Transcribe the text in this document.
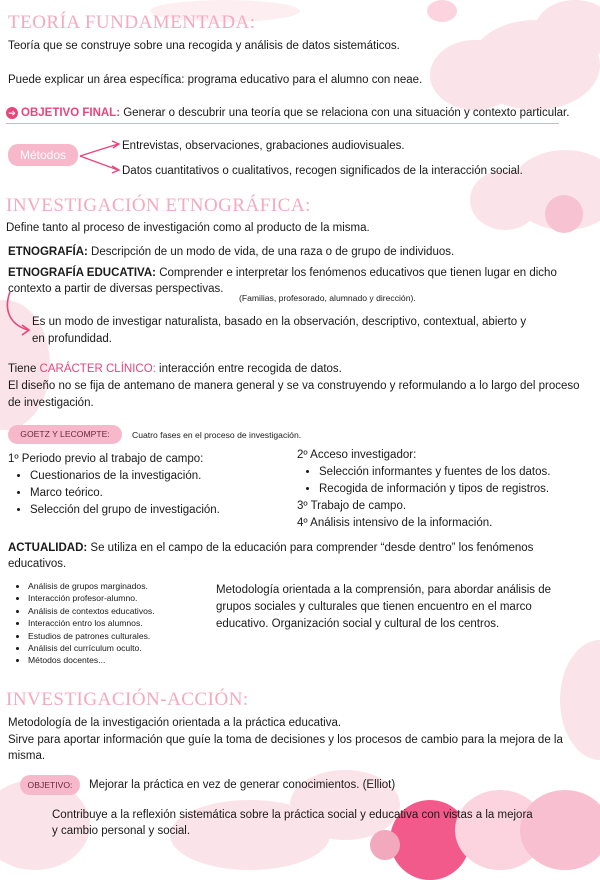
TEORÍA FUNDAMENTADA:
Teoría que se construye sobre una recogida y análisis de datos sistemáticos.
Puede explicar un área específica: programa educativo para el alumno con neae.
➔ OBJETIVO FINAL: Generar o descubrir una teoría que se relaciona con una situación y contexto particular.
Métodos
Entrevistas, observaciones, grabaciones audiovisuales.
Datos cuantitativos o cualitativos, recogen significados de la interacción social.
INVESTIGACIÓN ETNOGRÁFICA:
Define tanto al proceso de investigación como al producto de la misma.
ETNOGRAFÍA: Descripción de un modo de vida, de una raza o de grupo de individuos.
ETNOGRAFÍA EDUCATIVA: Comprender e interpretar los fenómenos educativos que tienen lugar en dicho
contexto a partir de diversas perspectivas.
(Familias, profesorado, alumnado y dirección).
Es un modo de investigar naturalista, basado en la observación, descriptivo, contextual, abierto y
en profundidad.
Tiene CARÁCTER CLÍNICO: interacción entre recogida de datos.
El diseño no se fija de antemano de manera general y se va construyendo y reformulando a lo largo del proceso
de investigación.
GOETZ Y LECOMPTE:	Cuatro fases en el proceso de investigación.
1º Periodo previo al trabajo de campo:
• Cuestionarios de la investigación.
• Marco teórico.
• Selección del grupo de investigación.
2º Acceso investigador:
• Selección informantes y fuentes de los datos.
• Recogida de información y tipos de registros.
3º Trabajo de campo.
4º Análisis intensivo de la información.
ACTUALIDAD: Se utiliza en el campo de la educación para comprender “desde dentro” los fenómenos
educativos.
• Análisis de grupos marginados.
• Interacción profesor-alumno.
• Análisis de contextos educativos.
• Interacción entro los alumnos.
• Estudios de patrones culturales.
• Análisis del currículum oculto.
• Métodos docentes...
Metodología orientada a la comprensión, para abordar análisis de
grupos sociales y culturales que tienen encuentro en el marco
educativo. Organización social y cultural de los centros.
INVESTIGACIÓN-ACCIÓN:
Metodología de la investigación orientada a la práctica educativa.
Sirve para aportar información que guíe la toma de decisiones y los procesos de cambio para la mejora de la
misma.
OBJETIVO:	Mejorar la práctica en vez de generar conocimientos. (Elliot)
Contribuye a la reflexión sistemática sobre la práctica social y educativa con vistas a la mejora
y cambio personal y social.
